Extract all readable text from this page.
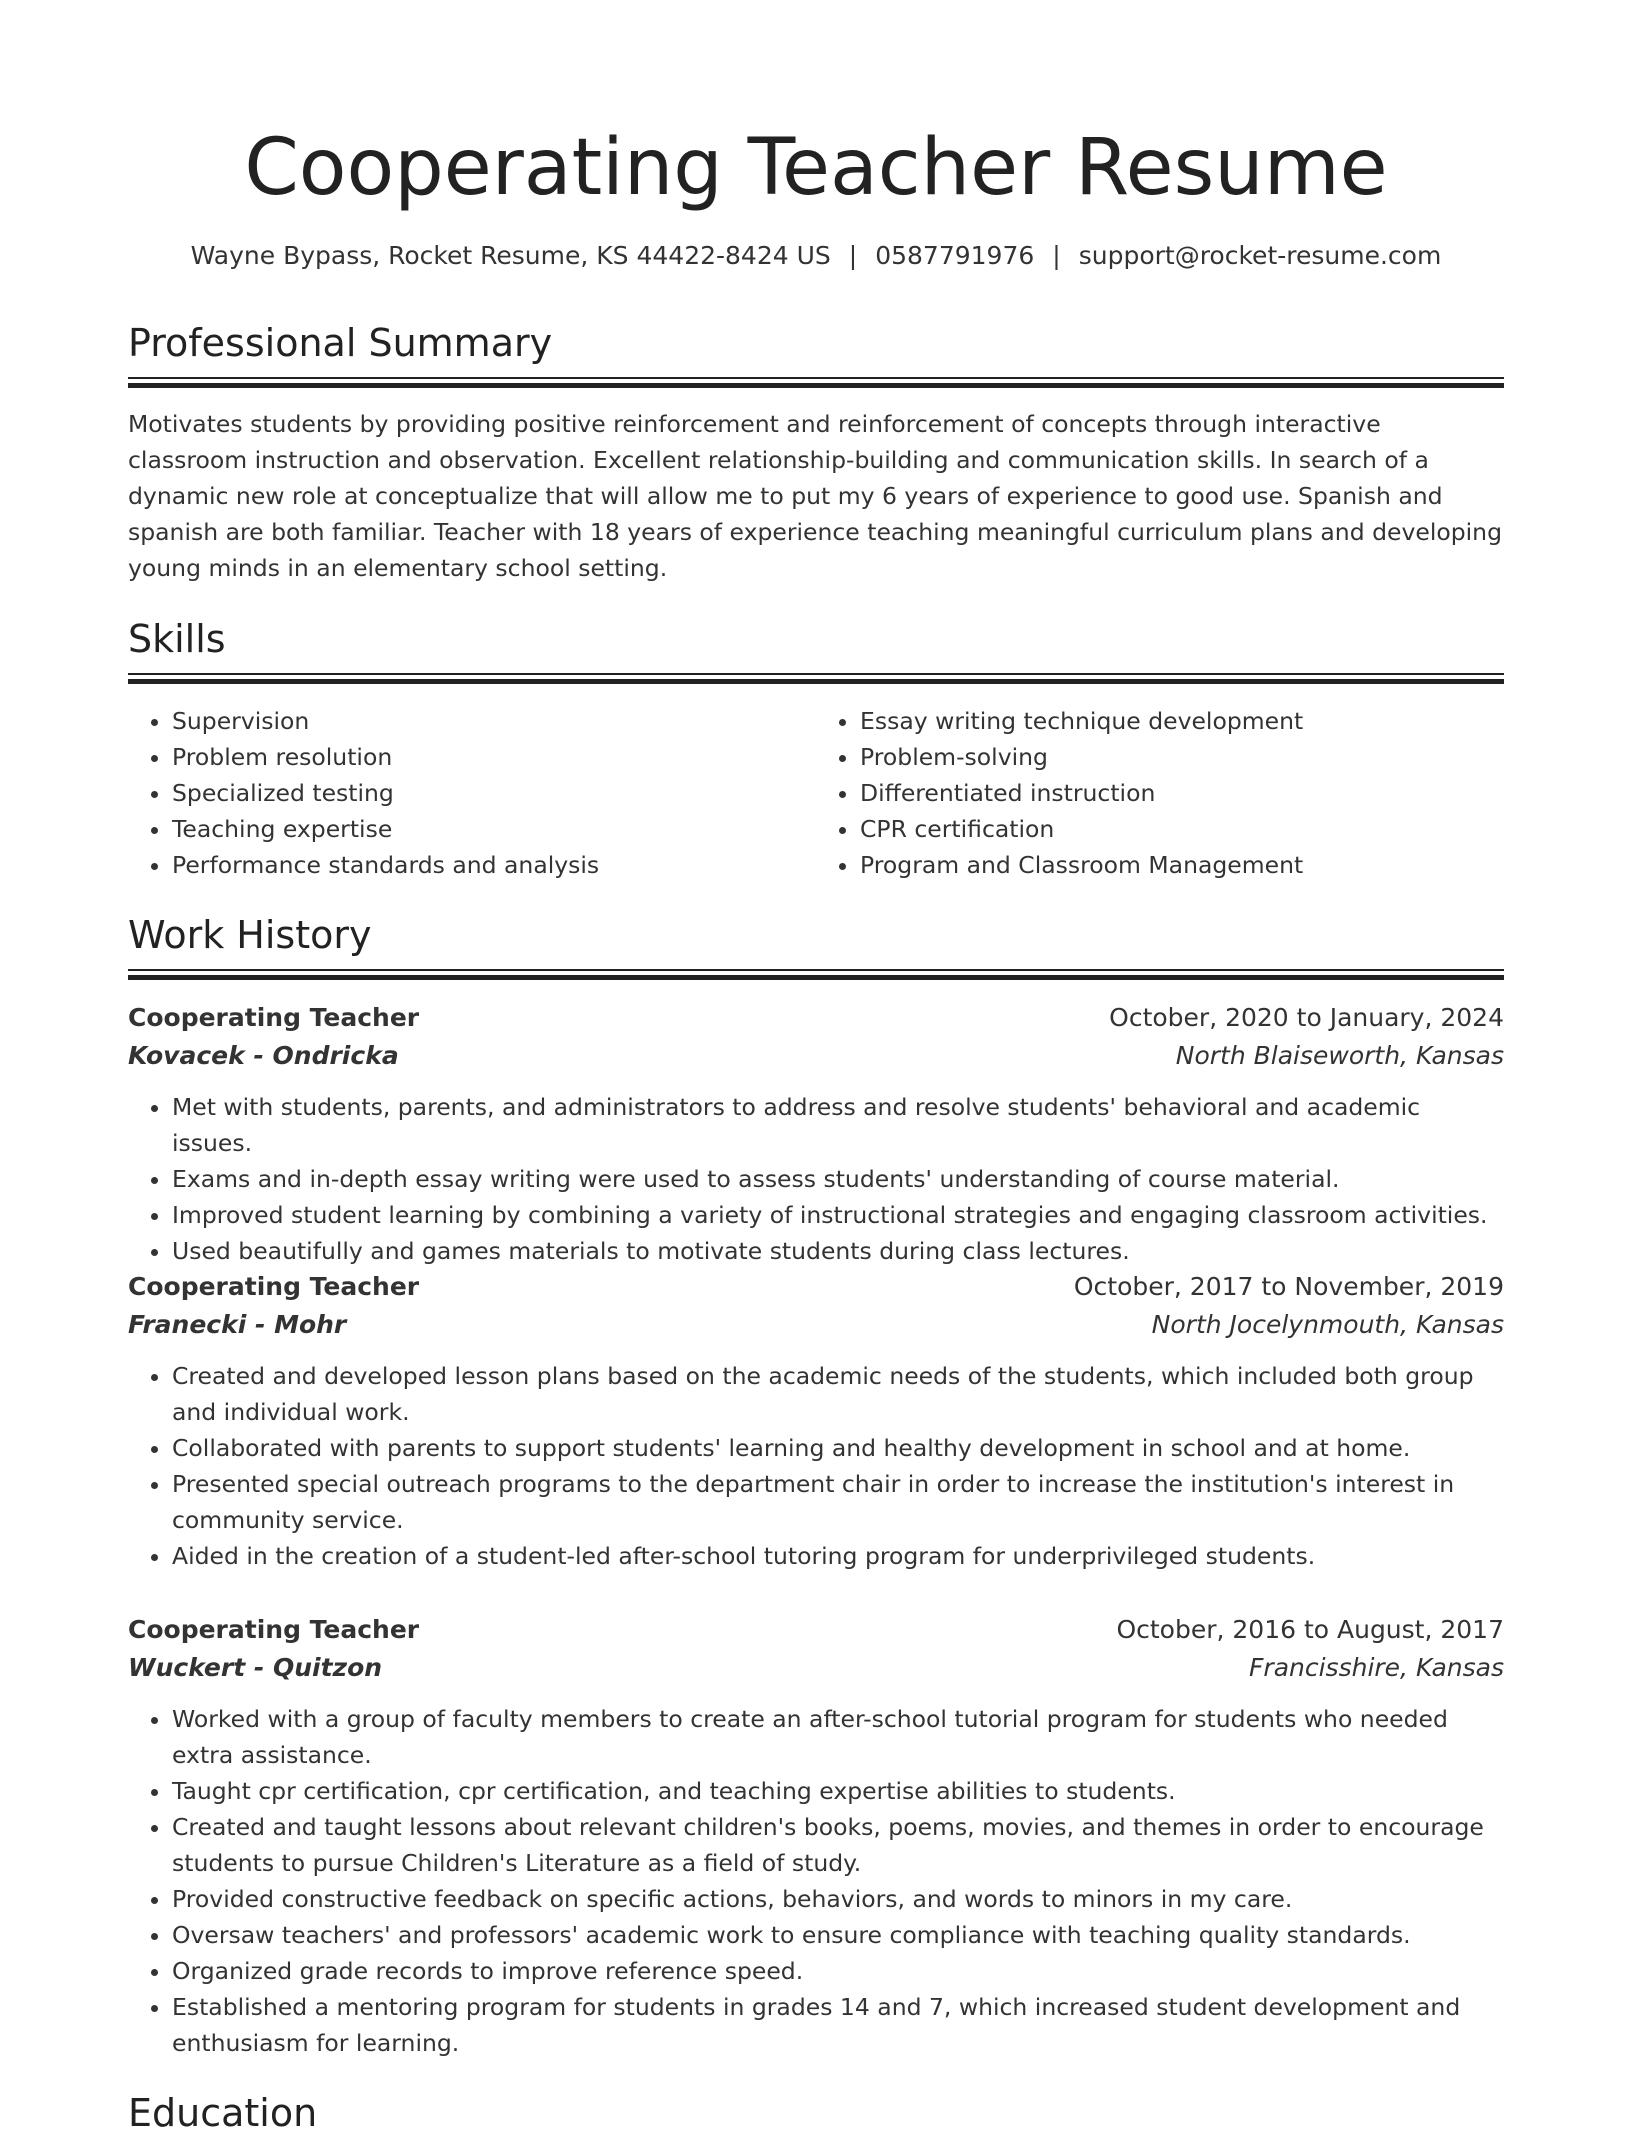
Cooperating Teacher Resume
Wayne Bypass, Rocket Resume, KS 44422-8424 US | 0587791976 | support@rocket-resume.com
Professional Summary

Motivates students by providing positive reinforcement and reinforcement of concepts through interactive classroom instruction and observation. Excellent relationship-building and communication skills. In search of a dynamic new role at conceptualize that will allow me to put my 6 years of experience to good use. Spanish and spanish are both familiar. Teacher with 18 years of experience teaching meaningful curriculum plans and developing young minds in an elementary school setting.

Skills
• Supervision
• Problem resolution
• Specialized testing
• Teaching expertise
• Performance standards and analysis
• Essay writing technique development
• Problem-solving
• Differentiated instruction
• CPR certification
• Program and Classroom Management
Work History
Cooperating Teacher	October, 2020 to January, 2024
Kovacek - Ondricka	North Blaiseworth, Kansas
• Met with students, parents, and administrators to address and resolve students' behavioral and academic issues.
• Exams and in-depth essay writing were used to assess students' understanding of course material.
• Improved student learning by combining a variety of instructional strategies and engaging classroom activities.
• Used beautifully and games materials to motivate students during class lectures.
Cooperating Teacher	October, 2017 to November, 2019
Franecki - Mohr	North Jocelynmouth, Kansas
• Created and developed lesson plans based on the academic needs of the students, which included both group and individual work.
• Collaborated with parents to support students' learning and healthy development in school and at home.
• Presented special outreach programs to the department chair in order to increase the institution's interest in community service.
• Aided in the creation of a student-led after-school tutoring program for underprivileged students.
Cooperating Teacher	October, 2016 to August, 2017
Wuckert - Quitzon	Francisshire, Kansas
• Worked with a group of faculty members to create an after-school tutorial program for students who needed extra assistance.
• Taught cpr certification, cpr certification, and teaching expertise abilities to students.
• Created and taught lessons about relevant children's books, poems, movies, and themes in order to encourage students to pursue Children's Literature as a field of study.
• Provided constructive feedback on specific actions, behaviors, and words to minors in my care.
• Oversaw teachers' and professors' academic work to ensure compliance with teaching quality standards.
• Organized grade records to improve reference speed.
• Established a mentoring program for students in grades 14 and 7, which increased student development and enthusiasm for learning.
Education
